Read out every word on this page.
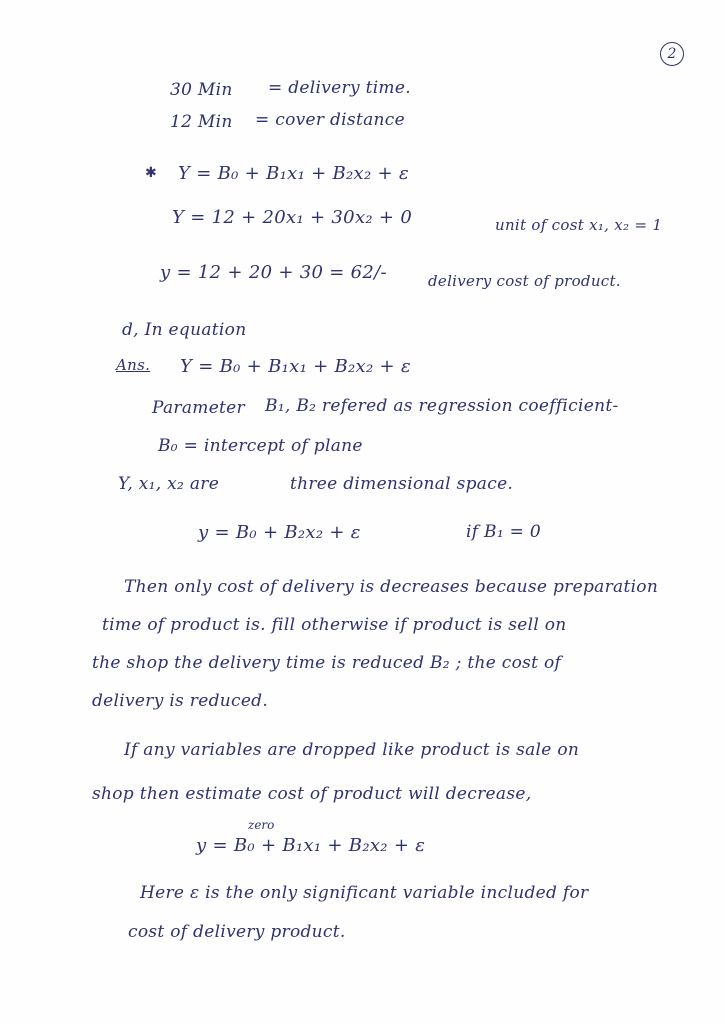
2
30 Min = delivery time.
12 Min = cover distance
✱ Y = B₀ + B₁x₁ + B₂x₂ + ε
Y = 12 + 20x₁ + 30x₂ + 0	unit of cost x₁, x₂ = 1
y = 12 + 20 + 30 = 62/-	delivery cost of product.
d, In equation
Ans. Y = B₀ + B₁x₁ + B₂x₂ + ε
Parameter B₁, B₂ refered as regression coefficient-
B₀ = intercept of plane
Y, x₁, x₂ are	three dimensional space.
y = B₀ + B₂x₂ + ε	if B₁ = 0
Then only cost of delivery is decreases because preparation
time of product is. fill otherwise if product is sell on
the shop the delivery time is reduced B₂ ; the cost of
delivery is reduced.
If any variables are dropped like product is sale on
shop then estimate cost of product will decrease,
zero
y = B₀ + B₁x₁ + B₂x₂ + ε
Here ε is the only significant variable included for
cost of delivery product.
